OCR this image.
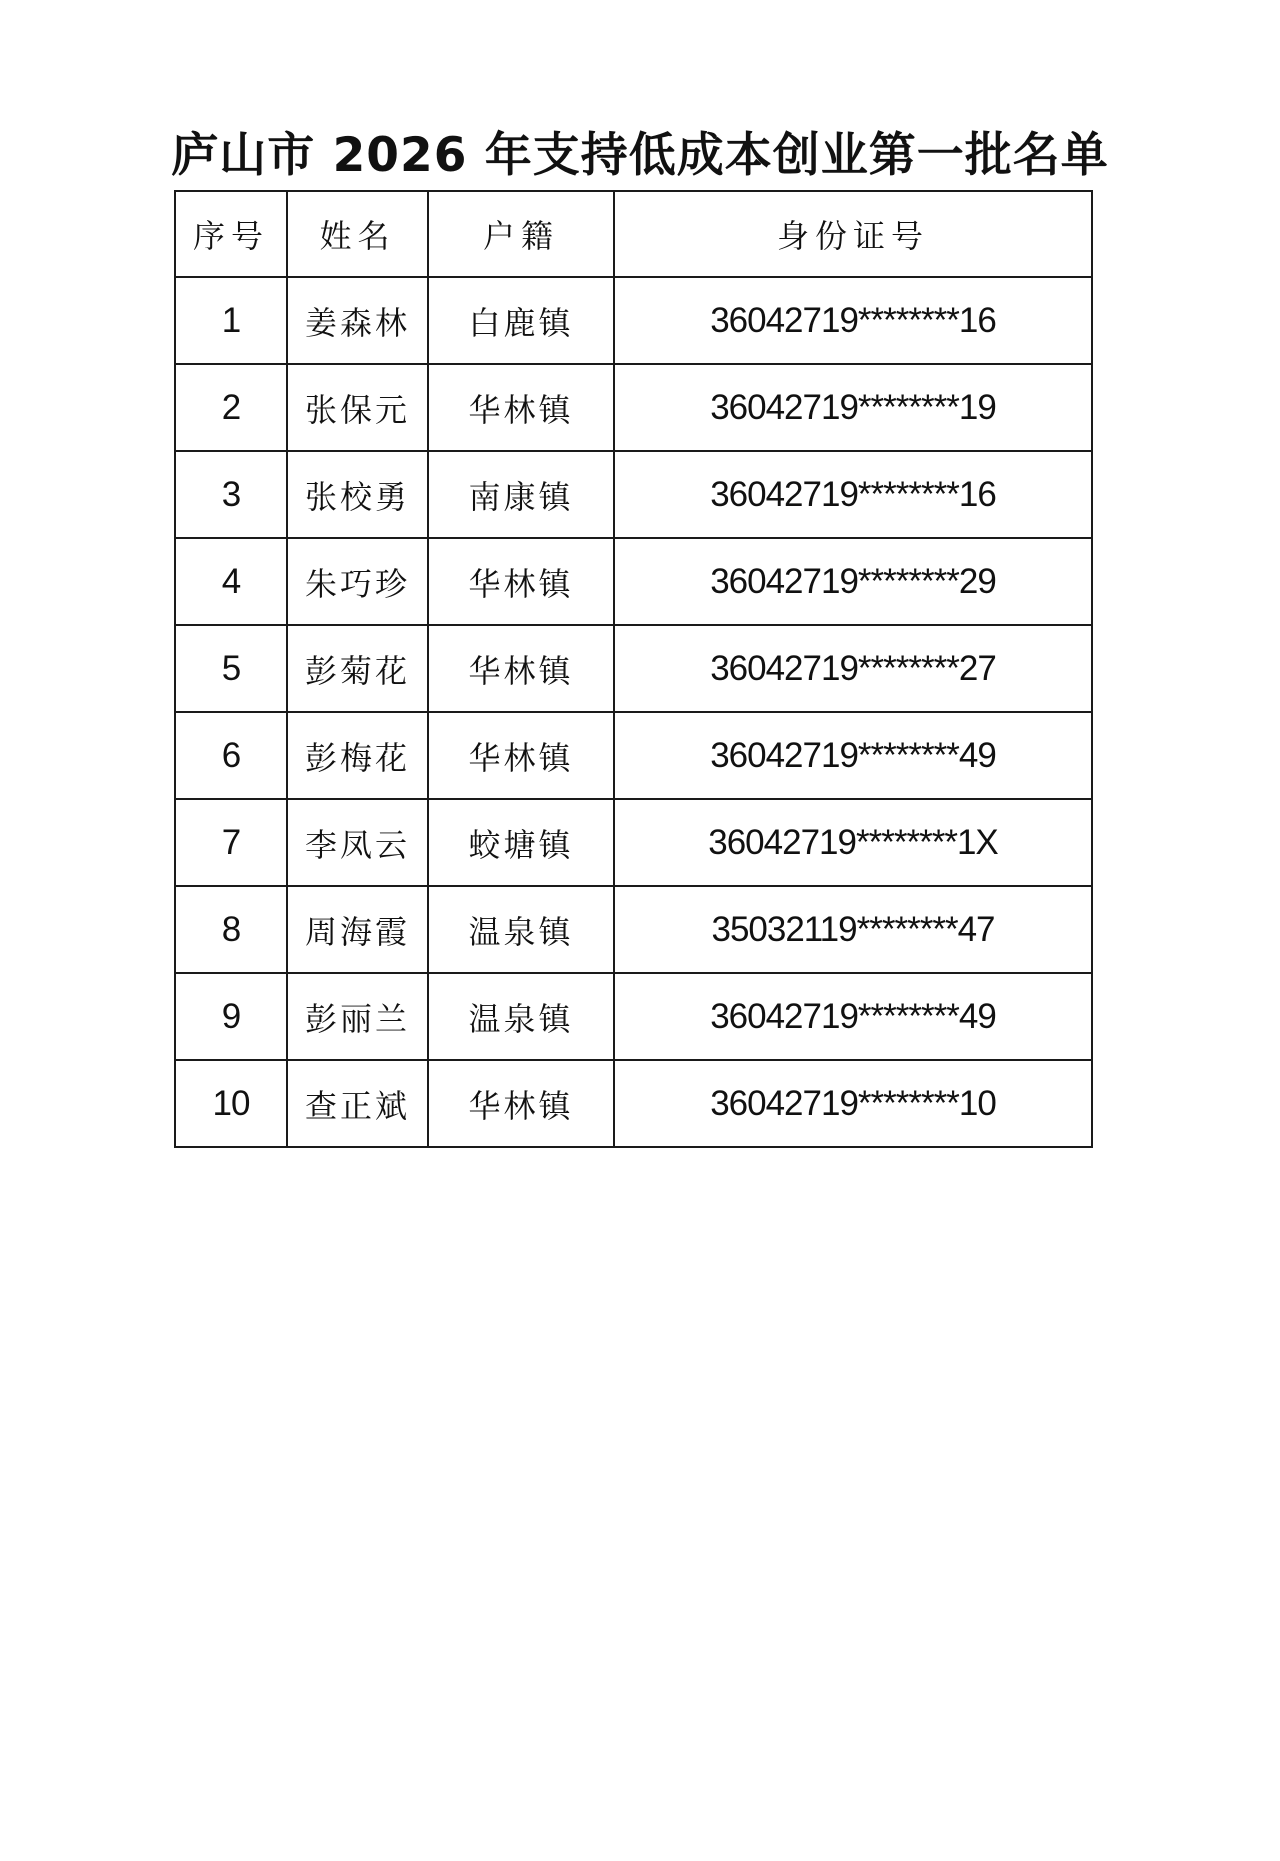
庐山市 2026 年支持低成本创业第一批名单
序号	姓名	户籍	身份证号
1	姜森林	白鹿镇	36042719********16
2	张保元	华林镇	36042719********19
3	张校勇	南康镇	36042719********16
4	朱巧珍	华林镇	36042719********29
5	彭菊花	华林镇	36042719********27
6	彭梅花	华林镇	36042719********49
7	李凤云	蛟塘镇	36042719********1X
8	周海霞	温泉镇	35032119********47
9	彭丽兰	温泉镇	36042719********49
10	查正斌	华林镇	36042719********10
